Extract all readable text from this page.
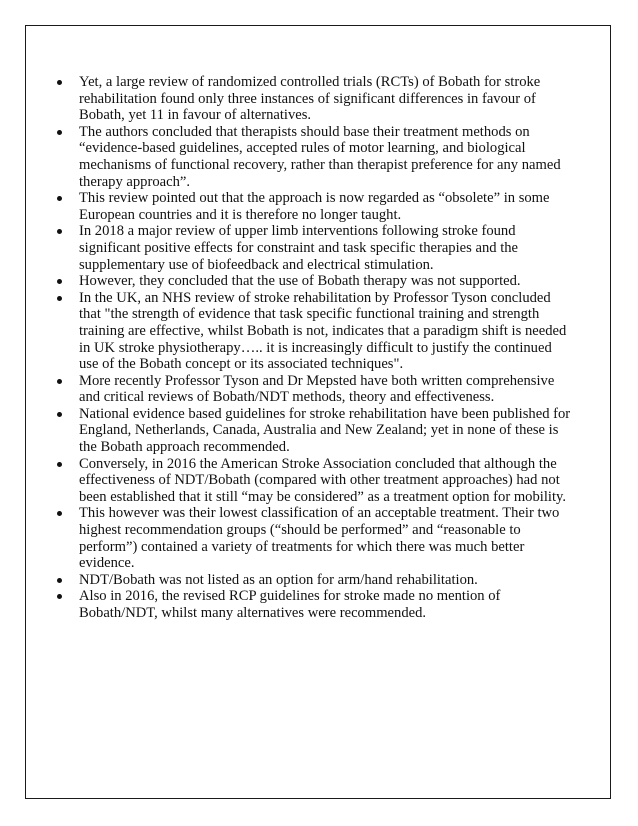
Yet, a large review of randomized controlled trials (RCTs) of Bobath for stroke rehabilitation found only three instances of significant differences in favour of Bobath, yet 11 in favour of alternatives.
The authors concluded that therapists should base their treatment methods on “evidence-based guidelines, accepted rules of motor learning, and biological mechanisms of functional recovery, rather than therapist preference for any named therapy approach”.
This review pointed out that the approach is now regarded as “obsolete” in some European countries and it is therefore no longer taught.
In 2018 a major review of upper limb interventions following stroke found significant positive effects for constraint and task specific therapies and the supplementary use of biofeedback and electrical stimulation.
However, they concluded that the use of Bobath therapy was not supported.
In the UK, an NHS review of stroke rehabilitation by Professor Tyson concluded that "the strength of evidence that task specific functional training and strength training are effective, whilst Bobath is not, indicates that a paradigm shift is needed in UK stroke physiotherapy….. it is increasingly difficult to justify the continued use of the Bobath concept or its associated techniques".
More recently Professor Tyson and Dr Mepsted have both written comprehensive and critical reviews of Bobath/NDT methods, theory and effectiveness.
National evidence based guidelines for stroke rehabilitation have been published for England, Netherlands, Canada, Australia and New Zealand; yet in none of these is the Bobath approach recommended.
Conversely, in 2016 the American Stroke Association concluded that although the effectiveness of NDT/Bobath (compared with other treatment approaches) had not been established that it still “may be considered” as a treatment option for mobility.
This however was their lowest classification of an acceptable treatment. Their two highest recommendation groups (“should be performed” and “reasonable to perform”) contained a variety of treatments for which there was much better evidence.
NDT/Bobath was not listed as an option for arm/hand rehabilitation.
Also in 2016, the revised RCP guidelines for stroke made no mention of Bobath/NDT, whilst many alternatives were recommended.
